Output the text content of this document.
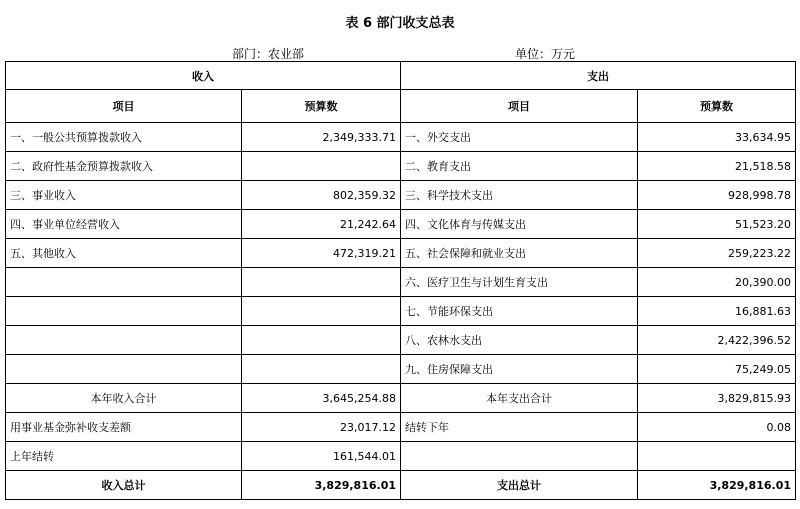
表 6 部门收支总表
部门：农业部	单位：万元
收入		支出	
项目	预算数	项目	预算数
一、一般公共预算拨款收入	2,349,333.71	一、外交支出	33,634.95
二、政府性基金预算拨款收入		二、教育支出	21,518.58
三、事业收入	802,359.32	三、科学技术支出	928,998.78
四、事业单位经营收入	21,242.64	四、文化体育与传媒支出	51,523.20
五、其他收入	472,319.21	五、社会保障和就业支出	259,223.22
		六、医疗卫生与计划生育支出	20,390.00
		七、节能环保支出	16,881.63
		八、农林水支出	2,422,396.52
		九、住房保障支出	75,249.05
本年收入合计	3,645,254.88	本年支出合计	3,829,815.93
用事业基金弥补收支差额	23,017.12	结转下年	0.08
上年结转	161,544.01		
收入总计	3,829,816.01	支出总计	3,829,816.01
